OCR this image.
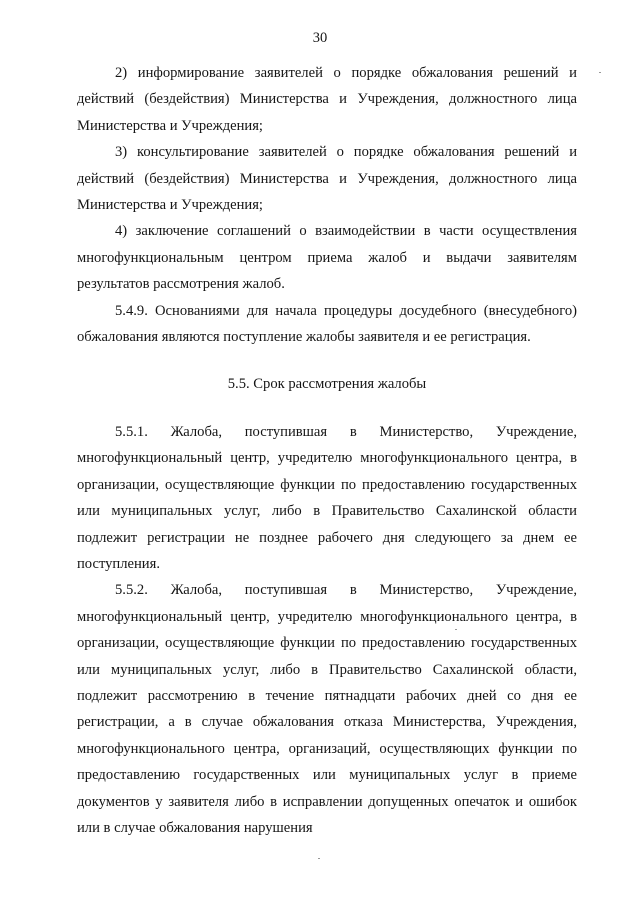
30

2) информирование заявителей о порядке обжалования решений и действий (бездействия) Министерства и Учреждения, должностного лица Министерства и Учреждения;

3) консультирование заявителей о порядке обжалования решений и действий (бездействия) Министерства и Учреждения, должностного лица Министерства и Учреждения;

4) заключение соглашений о взаимодействии в части осуществления многофункциональным центром приема жалоб и выдачи заявителям результатов рассмотрения жалоб.

5.4.9. Основаниями для начала процедуры досудебного (внесудебного) обжалования являются поступление жалобы заявителя и ее регистрация.

5.5. Срок рассмотрения жалобы

5.5.1. Жалоба, поступившая в Министерство, Учреждение, многофункциональный центр, учредителю многофункционального центра, в организации, осуществляющие функции по предоставлению государственных или муниципальных услуг, либо в Правительство Сахалинской области подлежит регистрации не позднее рабочего дня следующего за днем ее поступления.

5.5.2. Жалоба, поступившая в Министерство, Учреждение, многофункциональный центр, учредителю многофункционального центра, в организации, осуществляющие функции по предоставлению государственных или муниципальных услуг, либо в Правительство Сахалинской области, подлежит рассмотрению в течение пятнадцати рабочих дней со дня ее регистрации, а в случае обжалования отказа Министерства, Учреждения, многофункционального центра, организаций, осуществляющих функции по предоставлению государственных или муниципальных услуг в приеме документов у заявителя либо в исправлении допущенных опечаток и ошибок или в случае обжалования нарушения
